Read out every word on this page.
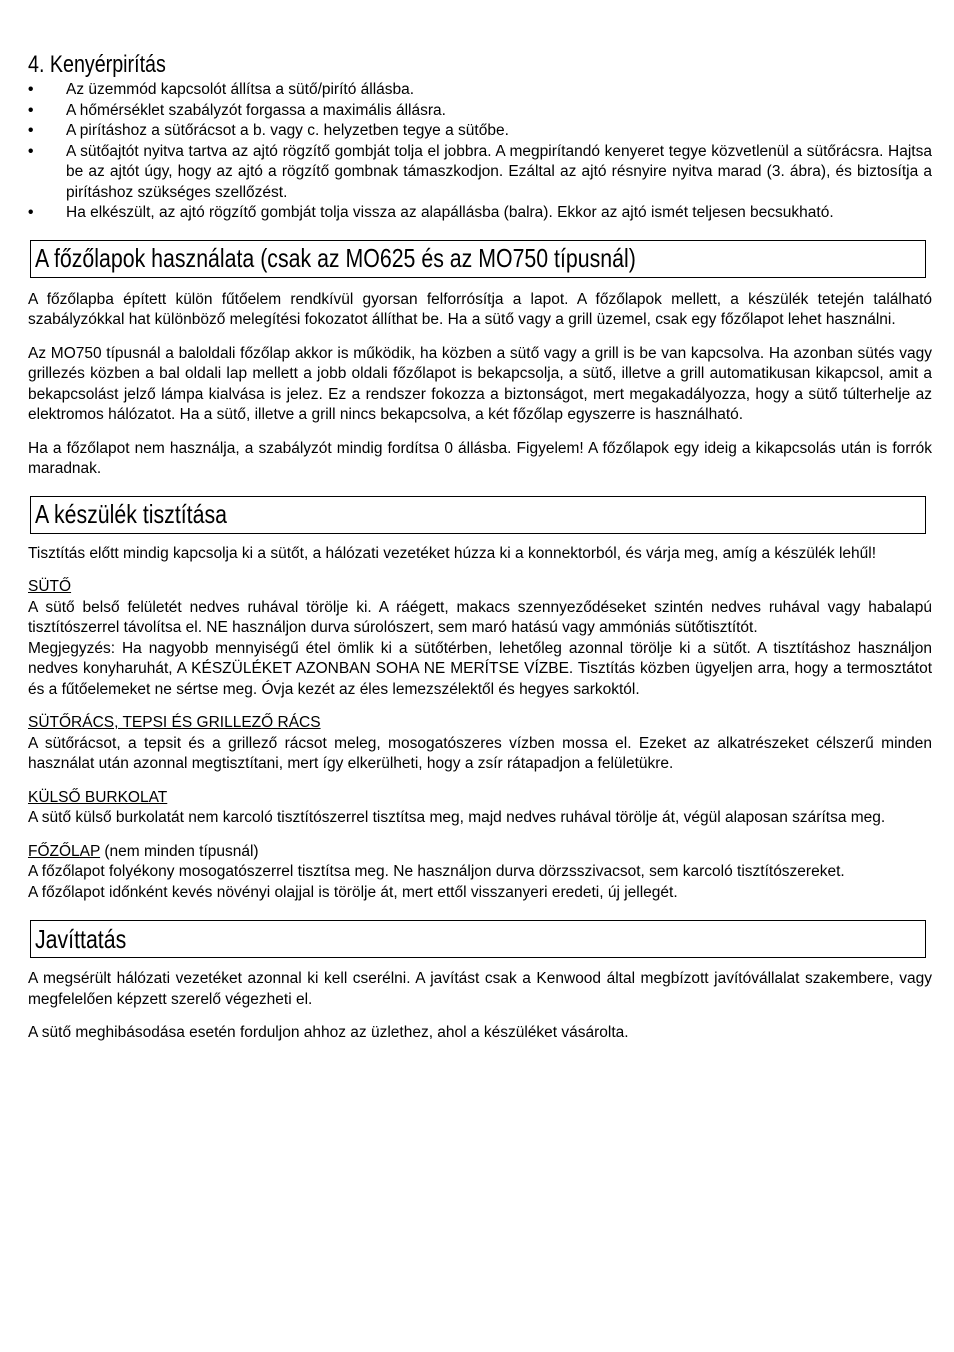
4. Kenyérpirítás
• Az üzemmód kapcsolót állítsa a sütő/pirító állásba.
• A hőmérséklet szabályzót forgassa a maximális állásra.
• A pirításhoz a sütőrácsot a b. vagy c. helyzetben tegye a sütőbe.
• A sütőajtót nyitva tartva az ajtó rögzítő gombját tolja el jobbra. A megpirítandó kenyeret tegye közvetlenül a sütőrácsra. Hajtsa be az ajtót úgy, hogy az ajtó a rögzítő gombnak támaszkodjon. Ezáltal az ajtó résnyire nyitva marad (3. ábra), és biztosítja a pirításhoz szükséges szellőzést.
• Ha elkészült, az ajtó rögzítő gombját tolja vissza az alapállásba (balra). Ekkor az ajtó ismét teljesen becsukható.
A főzőlapok használata (csak az MO625 és az MO750 típusnál)

A főzőlapba épített külön fűtőelem rendkívül gyorsan felforrósítja a lapot. A főzőlapok mellett, a készülék tetején található szabályzókkal hat különböző melegítési fokozatot állíthat be. Ha a sütő vagy a grill üzemel, csak egy főzőlapot lehet használni.

Az MO750 típusnál a baloldali főzőlap akkor is működik, ha közben a sütő vagy a grill is be van kapcsolva. Ha azonban sütés vagy grillezés közben a bal oldali lap mellett a jobb oldali főzőlapot is bekapcsolja, a sütő, illetve a grill automatikusan kikapcsol, amit a bekapcsolást jelző lámpa kialvása is jelez. Ez a rendszer fokozza a biztonságot, mert megakadályozza, hogy a sütő túlterhelje az elektromos hálózatot. Ha a sütő, illetve a grill nincs bekapcsolva, a két főzőlap egyszerre is használható.

Ha a főzőlapot nem használja, a szabályzót mindig fordítsa 0 állásba. Figyelem! A főzőlapok egy ideig a kikapcsolás után is forrók maradnak.

A készülék tisztítása

Tisztítás előtt mindig kapcsolja ki a sütőt, a hálózati vezetéket húzza ki a konnektorból, és várja meg, amíg a készülék lehűl!

SÜTŐ

A sütő belső felületét nedves ruhával törölje ki. A ráégett, makacs szennyeződéseket szintén nedves ruhával vagy habalapú tisztítószerrel távolítsa el. NE használjon durva súrolószert, sem maró hatású vagy ammóniás sütőtisztítót.

Megjegyzés: Ha nagyobb mennyiségű étel ömlik ki a sütőtérben, lehetőleg azonnal törölje ki a sütőt. A tisztításhoz használjon nedves konyharuhát, A KÉSZÜLÉKET AZONBAN SOHA NE MERÍTSE VÍZBE. Tisztítás közben ügyeljen arra, hogy a termosztátot és a fűtőelemeket ne sértse meg. Óvja kezét az éles lemezszélektől és hegyes sarkoktól.

SÜTŐRÁCS, TEPSI ÉS GRILLEZŐ RÁCS

A sütőrácsot, a tepsit és a grillező rácsot meleg, mosogatószeres vízben mossa el. Ezeket az alkatrészeket célszerű minden használat után azonnal megtisztítani, mert így elkerülheti, hogy a zsír rátapadjon a felületükre.

KÜLSŐ BURKOLAT

A sütő külső burkolatát nem karcoló tisztítószerrel tisztítsa meg, majd nedves ruhával törölje át, végül alaposan szárítsa meg.

FŐZŐLAP (nem minden típusnál)

A főzőlapot folyékony mosogatószerrel tisztítsa meg. Ne használjon durva dörzsszivacsot, sem karcoló tisztítószereket.

A főzőlapot időnként kevés növényi olajjal is törölje át, mert ettől visszanyeri eredeti, új jellegét.

Javíttatás

A megsérült hálózati vezetéket azonnal ki kell cserélni. A javítást csak a Kenwood által megbízott javítóvállalat szakembere, vagy megfelelően képzett szerelő végezheti el.

A sütő meghibásodása esetén forduljon ahhoz az üzlethez, ahol a készüléket vásárolta.
